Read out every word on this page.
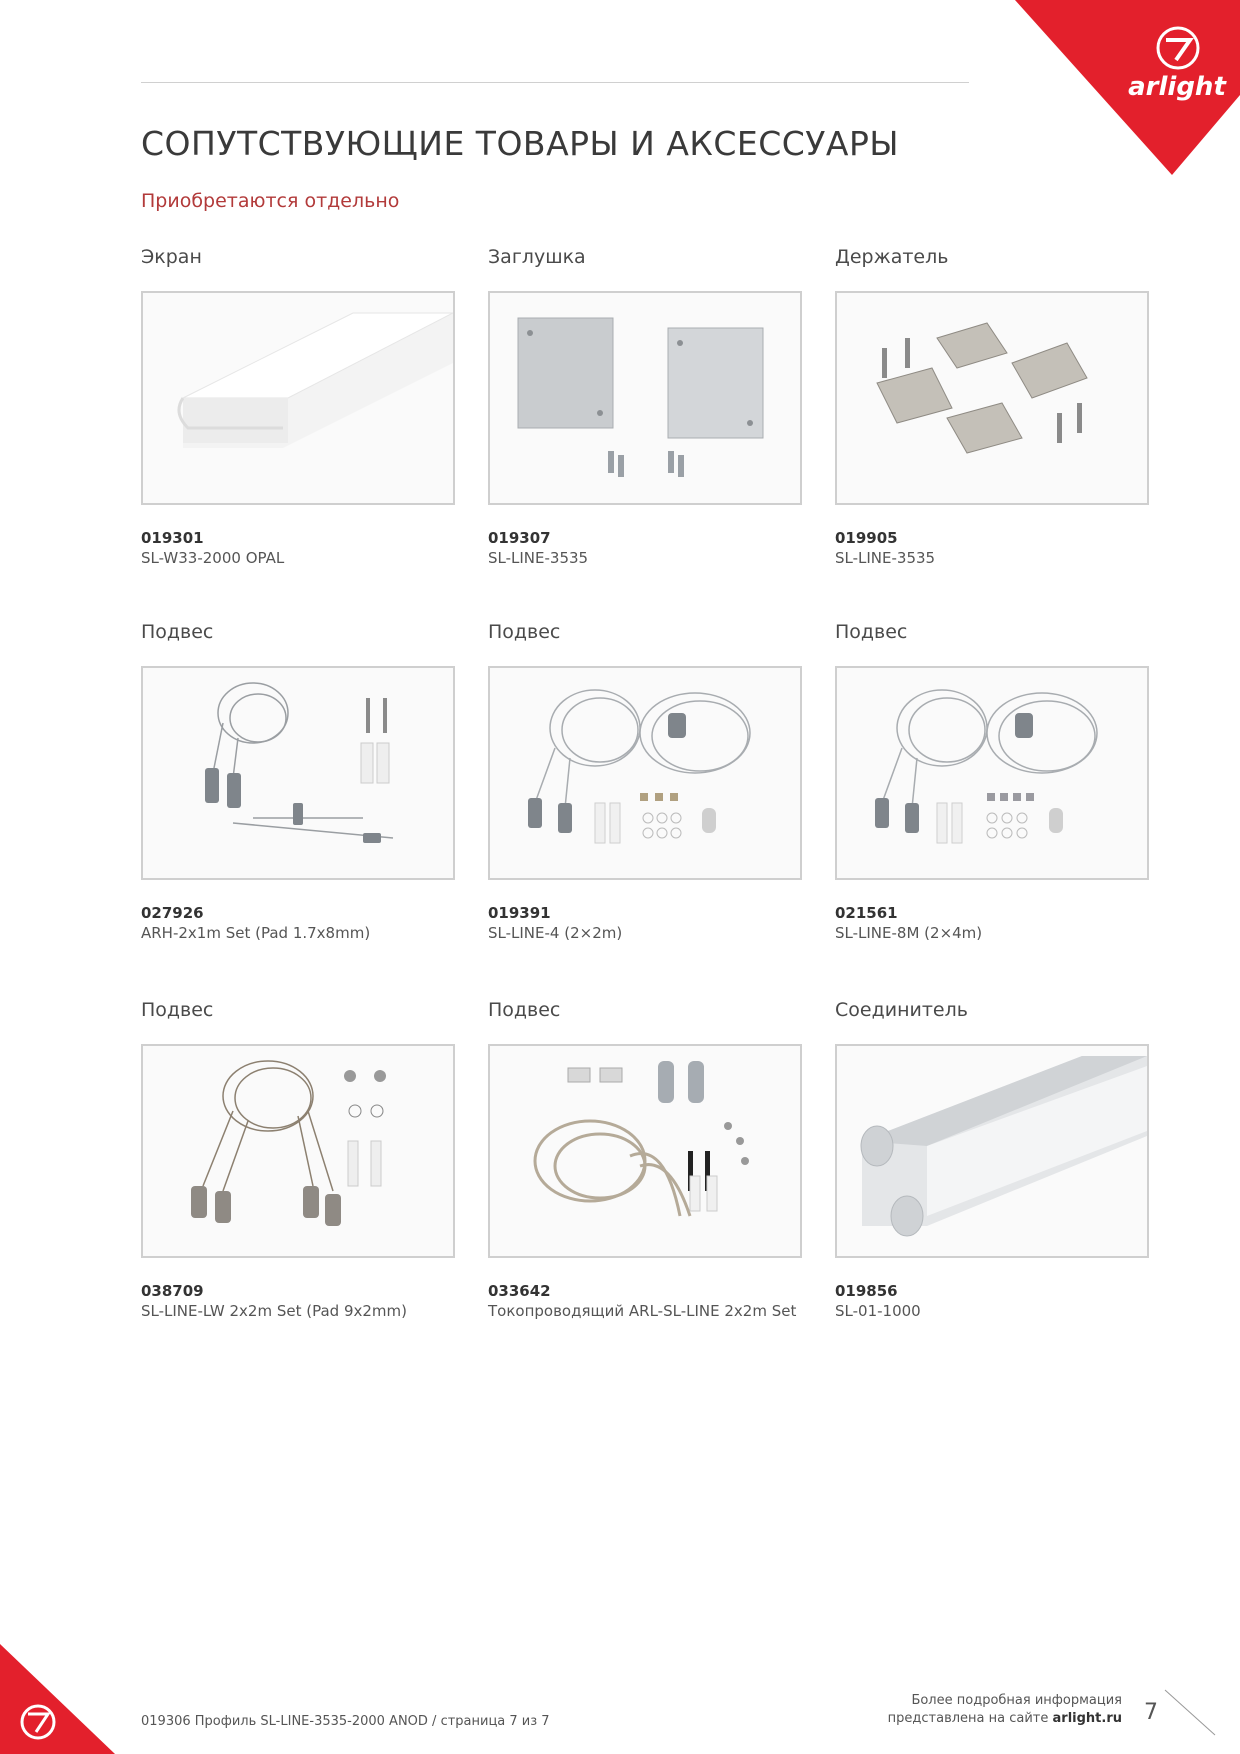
arlight
СОПУТСТВУЮЩИЕ ТОВАРЫ И АКСЕССУАРЫ

Приобретаются отдельно

Экран

019301

SL-W33-2000 OPAL

Заглушка

019307

SL-LINE-3535

Держатель

019905

SL-LINE-3535

Подвес

027926

ARH-2x1m Set (Pad 1.7x8mm)

Подвес

019391

SL-LINE-4 (2×2m)

Подвес

021561

SL-LINE-8M (2×4m)

Подвес

038709

SL-LINE-LW 2x2m Set (Pad 9x2mm)

Подвес

033642

Токопроводящий ARL-SL-LINE 2x2m Set

Соединитель

019856

SL-01-1000

019306 Профиль SL-LINE-3535-2000 ANOD / страница 7 из 7
Более подробная информация
представлена на сайте arlight.ru 7
